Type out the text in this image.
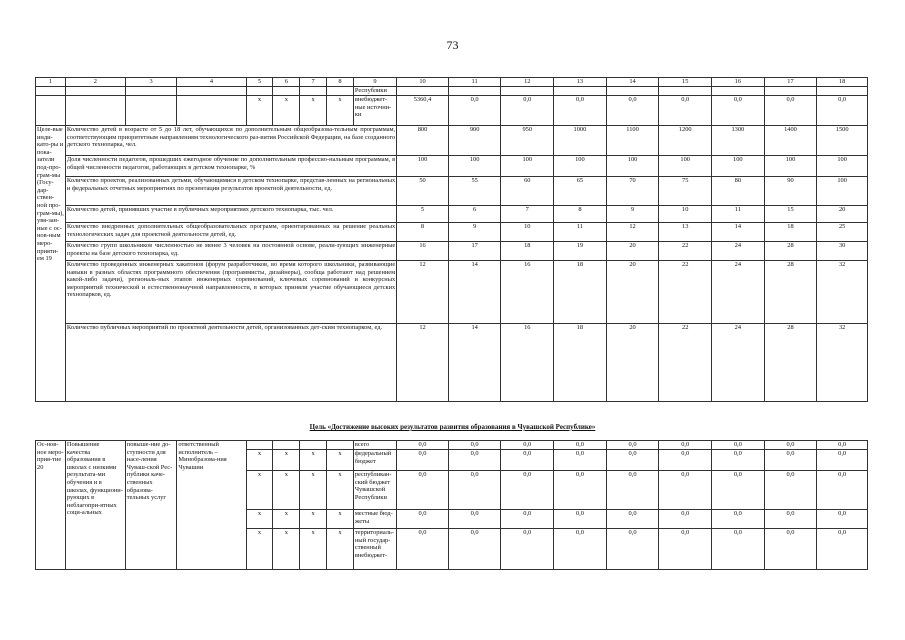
73
1	2	3	4	5	6	7	8	9	10	11	12	13	14	15	16	17	18
								Республики									
				x	x	x	x	внебюджет-ные источни-ки	5360,4	0,0	0,0	0,0	0,0	0,0	0,0	0,0	0,0
Целе-вые инди-като-ры и пока-затели под-про-грам-мы (Госу-дар-ствен-ной про-грам-мы), увя-зан-ные с ос-нов-ным меро-прияти-ем 19	Количество детей в возрасте от 5 до 18 лет, обучающихся по дополнительным общеобразова-тельным программам, соответствующим приоритетным направлениям технологического раз-вития Российской Федерации, на базе созданного детского технопарка, чел.								800	900	950	1000	1100	1200	1300	1400	1500
	Доля численности педагогов, прошедших ежегодное обучение по дополнительным профессио-нальным программам, в общей численности педагогов, работающих в детском технопарке, %								100	100	100	100	100	100	100	100	100
	Количество проектов, реализованных детьми, обучающимися в детском технопарке, представ-ленных на региональных и федеральных отчетных мероприятиях по презентации результатов проектной деятельности, ед.								50	55	60	65	70	75	80	90	100
	Количество детей, принявших участие в публичных мероприятиях детского технопарка, тыс. чел.								5	6	7	8	9	10	11	15	20
	Количество внедренных дополнительных общеобразовательных программ, ориентированных на решение реальных технологических задач для проектной деятельности детей, ед.								8	9	10	11	12	13	14	18	25
	Количество групп школьников численностью не менее 3 человек на постоянной основе, реали-зующих инженерные проекты на базе детского технопарка, ед.								16	17	18	19	20	22	24	28	30
	Количество проведенных инженерных хакатонов (форум разработчиков, во время которого школьники, развивающие навыки в разных областях программного обеспечения (программисты, дизайнеры), сообща работают над решением какой-либо задачи), региональ-ных этапов инженерных соревнований, ключевых соревнований и конкурсных мероприятий технической и естественнонаучной направленности, в которых приняли участие обучающиеся детских технопарков, ед.								12	14	16	18	20	22	24	28	32
	Количество публичных мероприятий по проектной деятельности детей, организованных дет-ским технопарком, ед.								12	14	16	18	20	22	24	28	32
Цель «Достижение высоких результатов развития образования в Чувашской Республике»
Ос-нов-ное меро-прия-тие 20	Повышение качества образования в школах с низкими результата-ми обучения и в школах, функциони-рующих в неблагопри-ятных соци-альных	повыше-ние до-ступности для насе-ления Чуваш-ской Рес-публики каче-ственных образова-тельных услуг	ответственный исполнитель – Минобразова-ния Чувашии					всего	0,0	0,0	0,0	0,0	0,0	0,0	0,0	0,0	0,0
				x	x	x	x	федеральный бюджет	0,0	0,0	0,0	0,0	0,0	0,0	0,0	0,0	0,0
				x	x	x	x	республикан-ский бюджет Чувашской Республики	0,0	0,0	0,0	0,0	0,0	0,0	0,0	0,0	0,0
				x	x	x	x	местные бюд-жеты	0,0	0,0	0,0	0,0	0,0	0,0	0,0	0,0	0,0
				x	x	x	x	территориаль-ный государ-ственный внебюджет-	0,0	0,0	0,0	0,0	0,0	0,0	0,0	0,0	0,0
